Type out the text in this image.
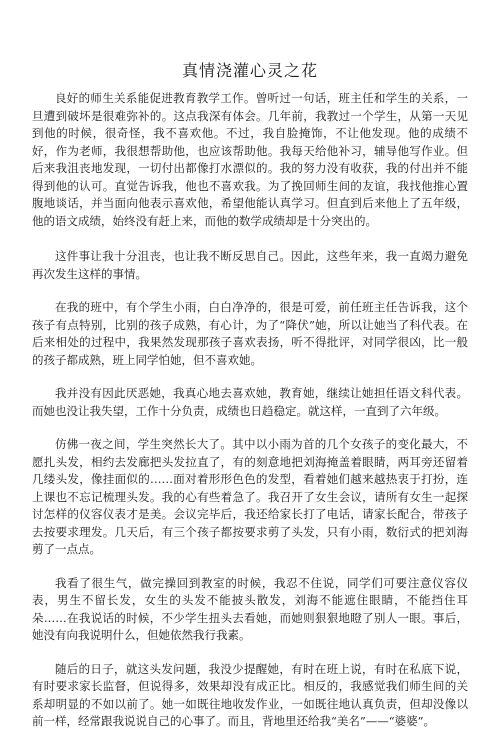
真情浇灌心灵之花

良好的师生关系能促进教育教学工作。曾听过一句话，班主任和学生的关系，一旦遭到破坏是很难弥补的。这点我深有体会。几年前，我教过一个学生，从第一天见到他的时候，很奇怪，我不喜欢他。不过，我自脸掩饰，不让他发现。他的成绩不好，作为老师，我很想帮助他，也应该帮助他。我每天给他补习，辅导他写作业。但后来我沮丧地发现，一切付出都像打水漂似的。我的努力没有收获，我的付出并不能得到他的认可。直觉告诉我，他也不喜欢我。为了挽回师生间的友谊，我找他推心置腹地谈话，并当面向他表示喜欢他，希望他能认真学习。但直到后来他上了五年级，他的语文成绩，始终没有赶上来，而他的数学成绩却是十分突出的。

这件事让我十分沮丧，也让我不断反思自己。因此，这些年来，我一直竭力避免再次发生这样的事情。

在我的班中，有个学生小雨，白白净净的，很是可爱，前任班主任告诉我，这个孩子有点特别，比别的孩子成熟，有心计，为了“降伏”她，所以让她当了科代表。在后来相处的过程中，我果然发现那孩子喜欢表扬，听不得批评，对同学很凶，比一般的孩子都成熟，班上同学怕她，但不喜欢她。

我并没有因此厌恶她，我真心地去喜欢她，教育她，继续让她担任语文科代表。而她也没让我失望，工作十分负责，成绩也日趋稳定。就这样，一直到了六年级。

仿佛一夜之间，学生突然长大了。其中以小雨为首的几个女孩子的变化最大，不愿扎头发，相约去发廊把头发拉直了，有的刻意地把刘海掩盖着眼睛，两耳旁还留着几缕头发，像挂面似的……面对着形形色色的发型，看着她们越来越热衷于打扮，连上课也不忘记梳理头发。我的心有些着急了。我召开了女生会议，请所有女生一起探讨怎样的仪容仪表才是美。会议完毕后，我还给家长打了电话，请家长配合，带孩子去按要求理发。几天后，有三个孩子都按要求剪了头发，只有小雨，数衍式的把刘海剪了一点点。

我看了很生气，做完操回到教室的时候，我忍不住说，同学们可要注意仪容仪表，男生不留长发，女生的头发不能披头散发，刘海不能遮住眼睛，不能挡住耳朵……在我说话的时候，不少学生扭头去看她，而她则狠狠地瞪了别人一眼。事后，她没有向我说明什么，但她依然我行我素。

随后的日子，就这头发问题，我没少提醒她，有时在班上说，有时在私底下说，有时要求家长监督，但说得多，效果却没有成正比。相反的，我感觉我们师生间的关系却明显的不如以前了。她一如既往地收发作业，一如既往地认真负责，但却没像以前一样，经常跟我说说自己的心事了。而且，背地里还给我“美名”——“婆婆”。
